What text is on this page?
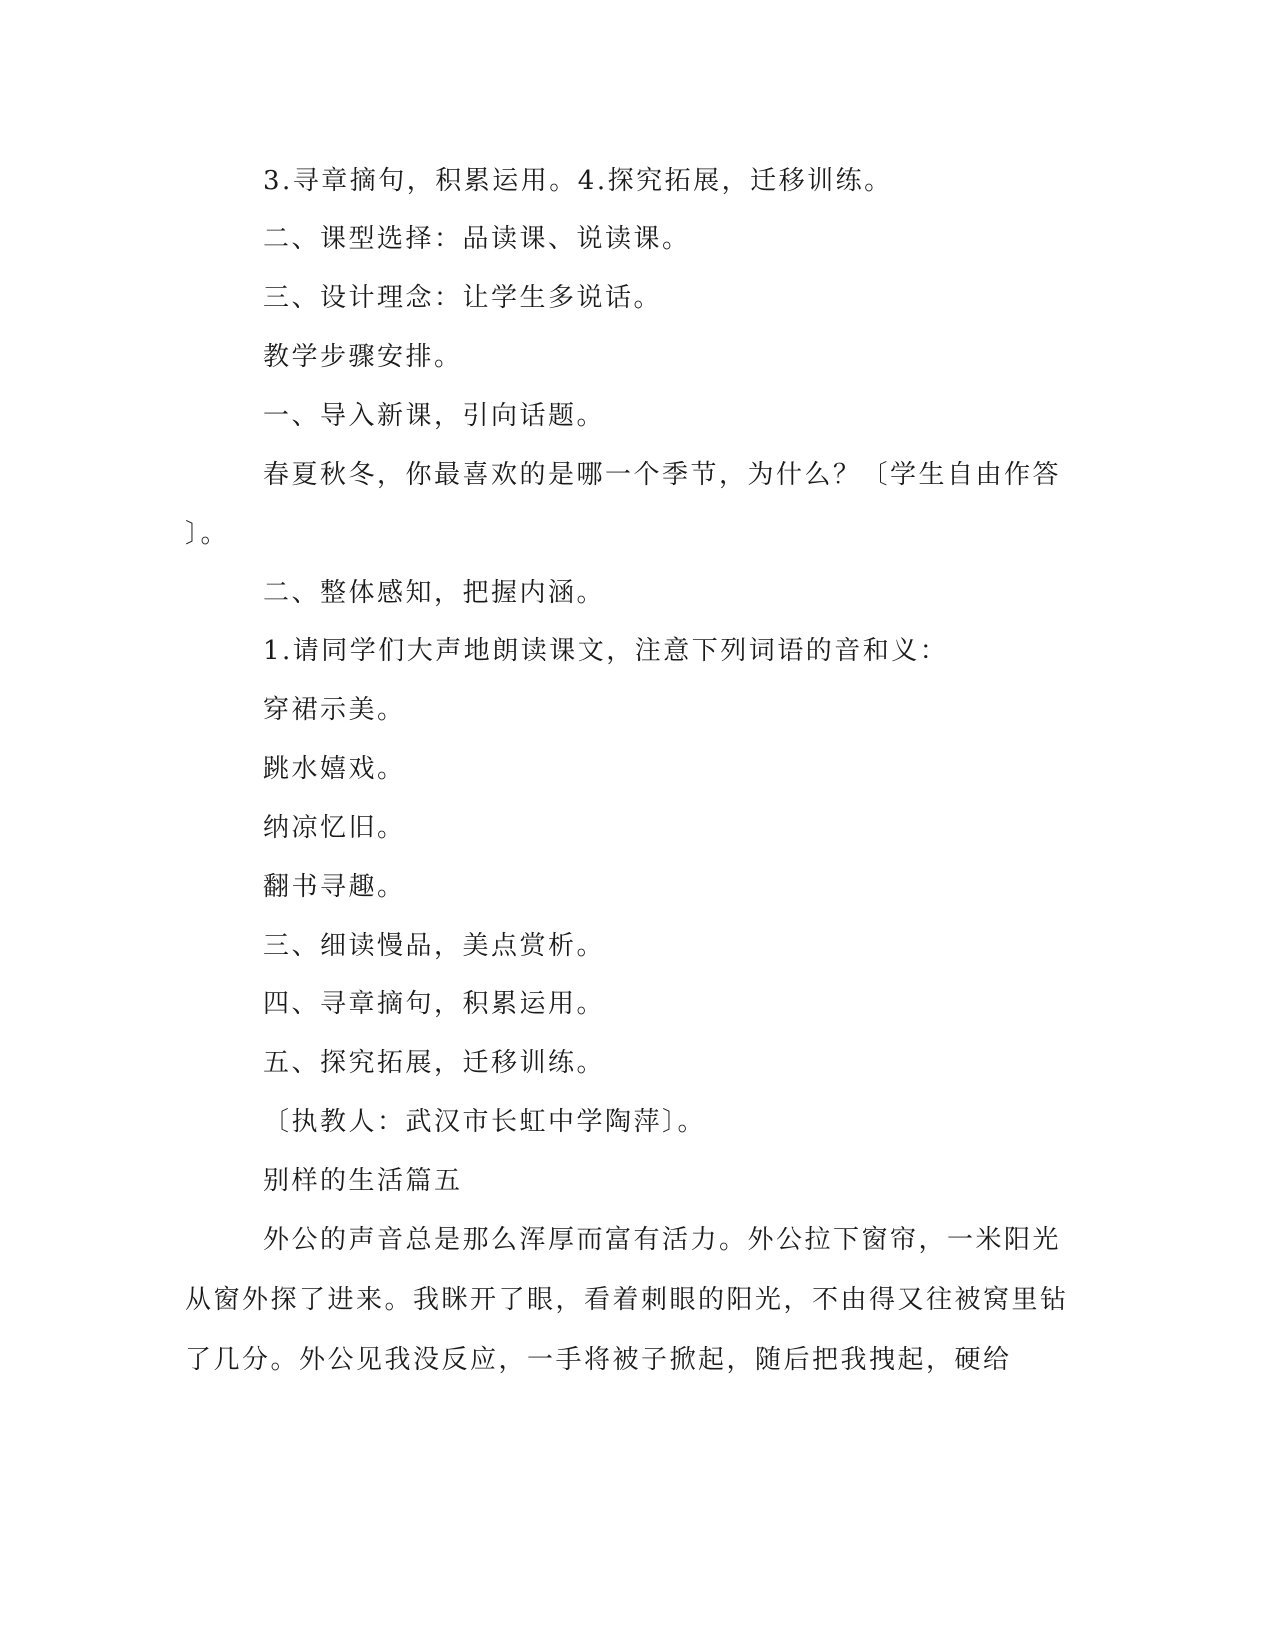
3.寻章摘句，积累运用。4.探究拓展，迁移训练。
二、课型选择：品读课、说读课。
三、设计理念：让学生多说话。
教学步骤安排。
一、导入新课，引向话题。
春夏秋冬，你最喜欢的是哪一个季节，为什么？〔学生自由作答
〕。
二、整体感知，把握内涵。
1.请同学们大声地朗读课文，注意下列词语的音和义：
穿裙示美。
跳水嬉戏。
纳凉忆旧。
翻书寻趣。
三、细读慢品，美点赏析。
四、寻章摘句，积累运用。
五、探究拓展，迁移训练。
〔执教人：武汉市长虹中学陶萍〕。
别样的生活篇五

外公的声音总是那么浑厚而富有活力。外公拉下窗帘，一米阳光从窗外探了进来。我眯开了眼，看着刺眼的阳光，不由得又往被窝里钻了几分。外公见我没反应，一手将被子掀起，随后把我拽起，硬给
